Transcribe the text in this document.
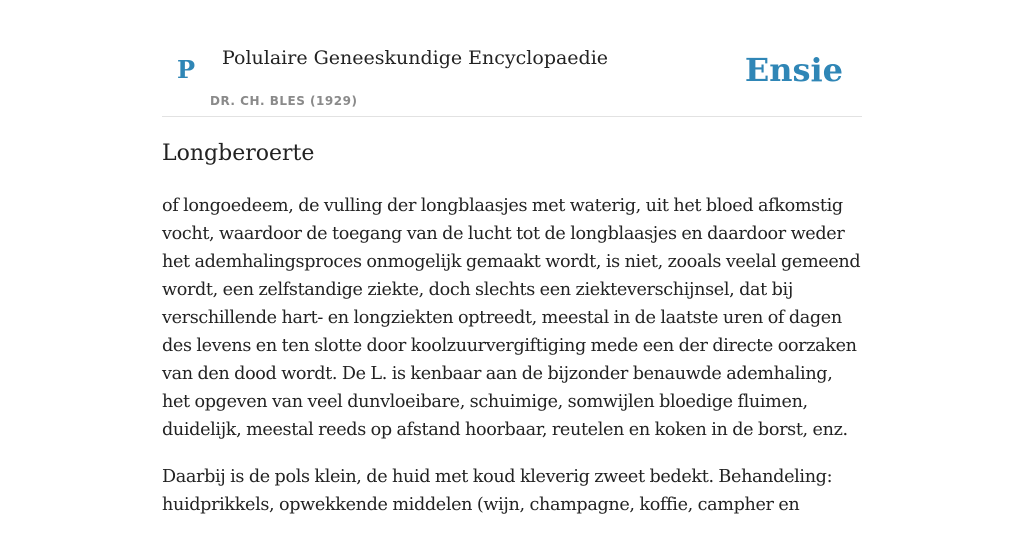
P Polulaire Geneeskundige Encyclopaedie
DR. CH. BLES (1929)
Ensie
Longberoerte

of longoedeem, de vulling der longblaasjes met waterig, uit het bloed afkomstig vocht, waardoor de toegang van de lucht tot de longblaasjes en daardoor weder het ademhalingsproces onmogelijk gemaakt wordt, is niet, zooals veelal gemeend wordt, een zelfstandige ziekte, doch slechts een ziekteverschijnsel, dat bij verschillende hart- en longziekten optreedt, meestal in de laatste uren of dagen des levens en ten slotte door koolzuurvergiftiging mede een der directe oorzaken van den dood wordt. De L. is kenbaar aan de bijzonder benauwde ademhaling, het opgeven van veel dunvloeibare, schuimige, somwijlen bloedige fluimen, duidelijk, meestal reeds op afstand hoorbaar, reutelen en koken in de borst, enz.

Daarbij is de pols klein, de huid met koud kleverig zweet bedekt. Behandeling: huidprikkels, opwekkende middelen (wijn, champagne, koffie, campher en
